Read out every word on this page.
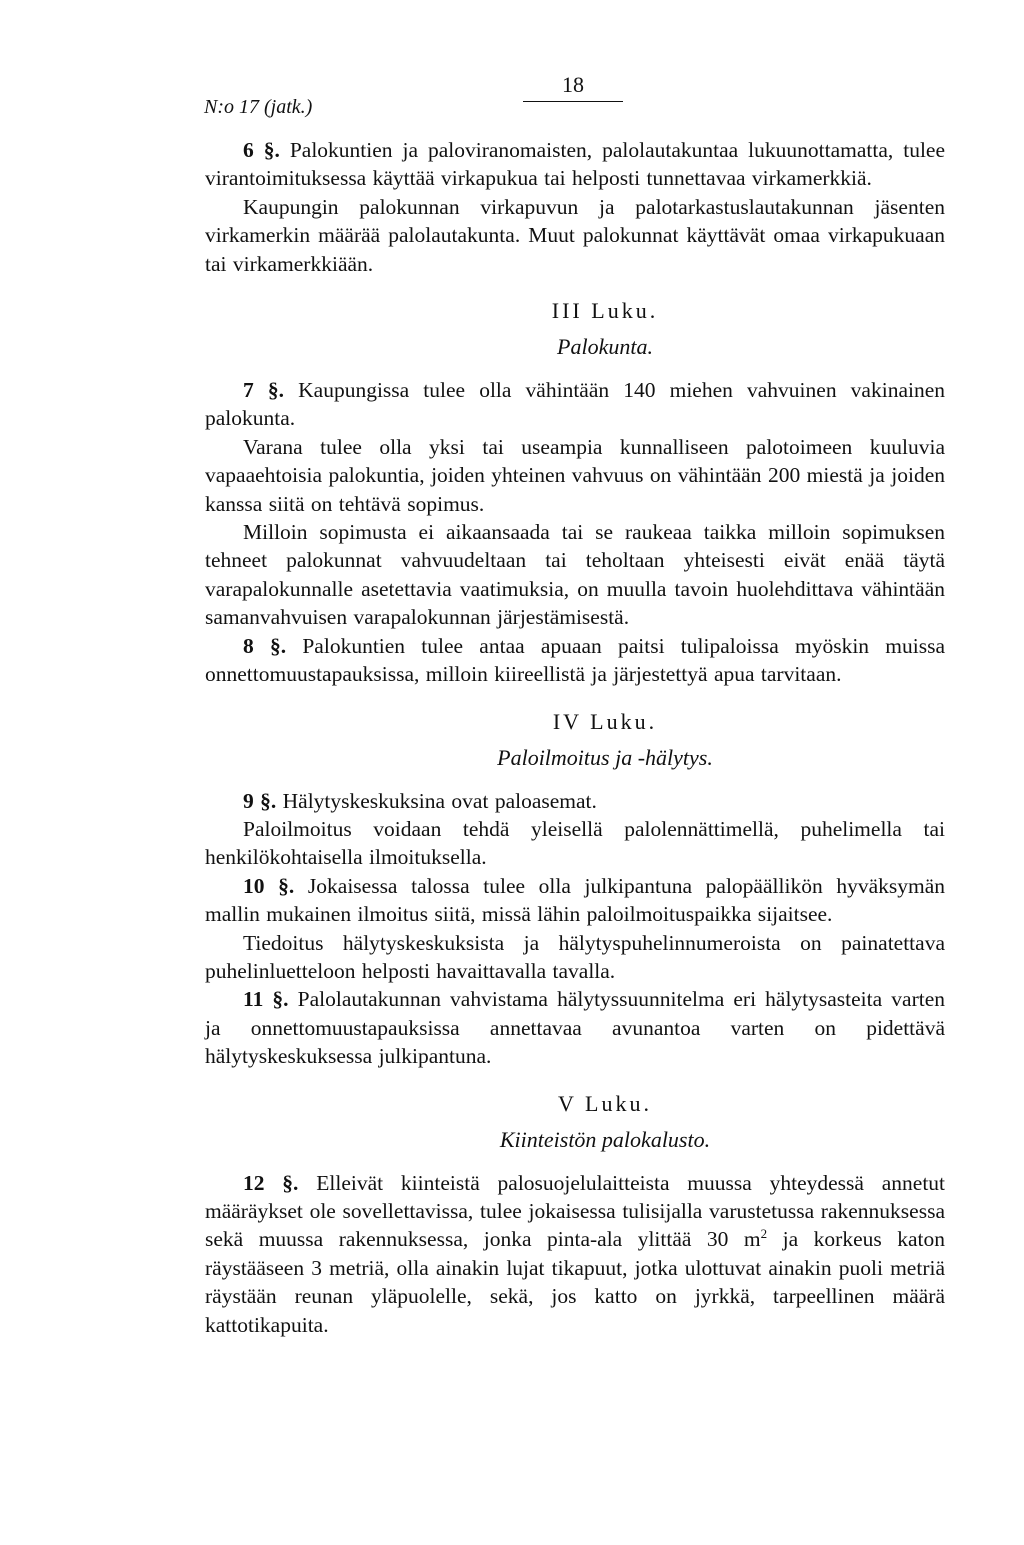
N:o 17 (jatk.)
18

6 §. Palokuntien ja paloviranomaisten, palolautakuntaa lukuunottamatta, tulee virantoimituksessa käyttää virkapukua tai helposti tunnettavaa virkamerkkiä.

Kaupungin palokunnan virkapuvun ja palotarkastuslautakunnan jäsenten virkamerkin määrää palolautakunta. Muut palokunnat käyttävät omaa virkapukuaan tai virkamerkkiään.

III Luku.
Palokunta.

7 §. Kaupungissa tulee olla vähintään 140 miehen vahvuinen vakinainen palokunta.

Varana tulee olla yksi tai useampia kunnalliseen palotoimeen kuuluvia vapaaehtoisia palokuntia, joiden yhteinen vahvuus on vähintään 200 miestä ja joiden kanssa siitä on tehtävä sopimus.

Milloin sopimusta ei aikaansaada tai se raukeaa taikka milloin sopimuksen tehneet palokunnat vahvuudeltaan tai teholtaan yhteisesti eivät enää täytä varapalokunnalle asetettavia vaatimuksia, on muulla tavoin huolehdittava vähintään samanvahvuisen varapalokunnan järjestämisestä.

8 §. Palokuntien tulee antaa apuaan paitsi tulipaloissa myöskin muissa onnettomuustapauksissa, milloin kiireellistä ja järjestettyä apua tarvitaan.

IV Luku.
Paloilmoitus ja -hälytys.

9 §. Hälytyskeskuksina ovat paloasemat.

Paloilmoitus voidaan tehdä yleisellä palolennättimellä, puhelimella tai henkilökohtaisella ilmoituksella.

10 §. Jokaisessa talossa tulee olla julkipantuna palopäällikön hyväksymän mallin mukainen ilmoitus siitä, missä lähin paloilmoituspaikka sijaitsee.

Tiedoitus hälytyskeskuksista ja hälytyspuhelinnumeroista on painatettava puhelinluetteloon helposti havaittavalla tavalla.

11 §. Palolautakunnan vahvistama hälytyssuunnitelma eri hälytysasteita varten ja onnettomuustapauksissa annettavaa avunantoa varten on pidettävä hälytyskeskuksessa julkipantuna.

V Luku.
Kiinteistön palokalusto.

12 §. Elleivät kiinteistä palosuojelulaitteista muussa yhteydessä annetut määräykset ole sovellettavissa, tulee jokaisessa tulisijalla varustetussa rakennuksessa sekä muussa rakennuksessa, jonka pinta-ala ylittää 30 $m^2$ ja korkeus katon räystääseen 3 metriä, olla ainakin lujat tikapuut, jotka ulottuvat ainakin puoli metriä räystään reunan yläpuolelle, sekä, jos katto on jyrkkä, tarpeellinen määrä kattotikapuita.
